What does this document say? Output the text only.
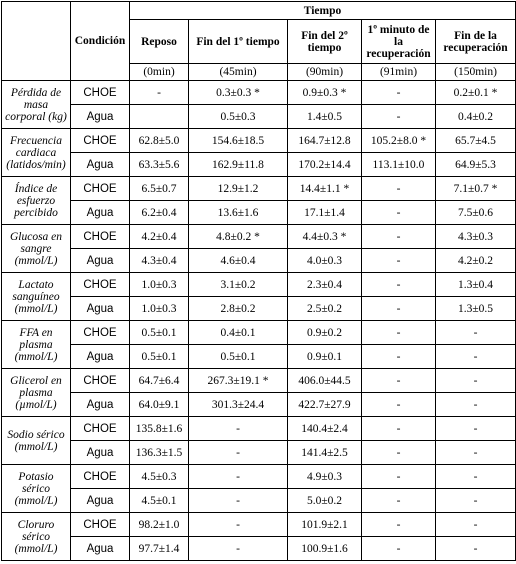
	Condición	Tiempo				
		Reposo	Fin del 1º tiempo	Fin del 2º tiempo	1º minuto de la recuperación	Fin de la recuperación
		(0min)	(45min)	(90min)	(91min)	(150min)
Pérdida de masa corporal (kg)	CHOE	-	0.3±0.3 *	0.9±0.3 *	-	0.2±0.1 *
	Agua		0.5±0.3	1.4±0.5	-	0.4±0.2
Frecuencia cardiaca (latidos/min)	CHOE	62.8±5.0	154.6±18.5	164.7±12.8	105.2±8.0 *	65.7±4.5
	Agua	63.3±5.6	162.9±11.8	170.2±14.4	113.1±10.0	64.9±5.3
Índice de esfuerzo percibido	CHOE	6.5±0.7	12.9±1.2	14.4±1.1 *	-	7.1±0.7 *
	Agua	6.2±0.4	13.6±1.6	17.1±1.4	-	7.5±0.6
Glucosa en sangre (mmol/L)	CHOE	4.2±0.4	4.8±0.2 *	4.4±0.3 *	-	4.3±0.3
	Agua	4.3±0.4	4.6±0.4	4.0±0.3	-	4.2±0.2
Lactato sanguíneo (mmol/L)	CHOE	1.0±0.3	3.1±0.2	2.3±0.4	-	1.3±0.4
	Agua	1.0±0.3	2.8±0.2	2.5±0.2	-	1.3±0.5
FFA en plasma (mmol/L)	CHOE	0.5±0.1	0.4±0.1	0.9±0.2	-	-
	Agua	0.5±0.1	0.5±0.1	0.9±0.1	-	-
Glicerol en plasma (µmol/L)	CHOE	64.7±6.4	267.3±19.1 *	406.0±44.5	-	-
	Agua	64.0±9.1	301.3±24.4	422.7±27.9	-	-
Sodio sérico (mmol/L)	CHOE	135.8±1.6	-	140.4±2.4	-	-
	Agua	136.3±1.5	-	141.4±2.5	-	-
Potasio sérico (mmol/L)	CHOE	4.5±0.3	-	4.9±0.3	-	-
	Agua	4.5±0.1	-	5.0±0.2	-	-
Cloruro sérico (mmol/L)	CHOE	98.2±1.0	-	101.9±2.1	-	-
	Agua	97.7±1.4	-	100.9±1.6	-	-
